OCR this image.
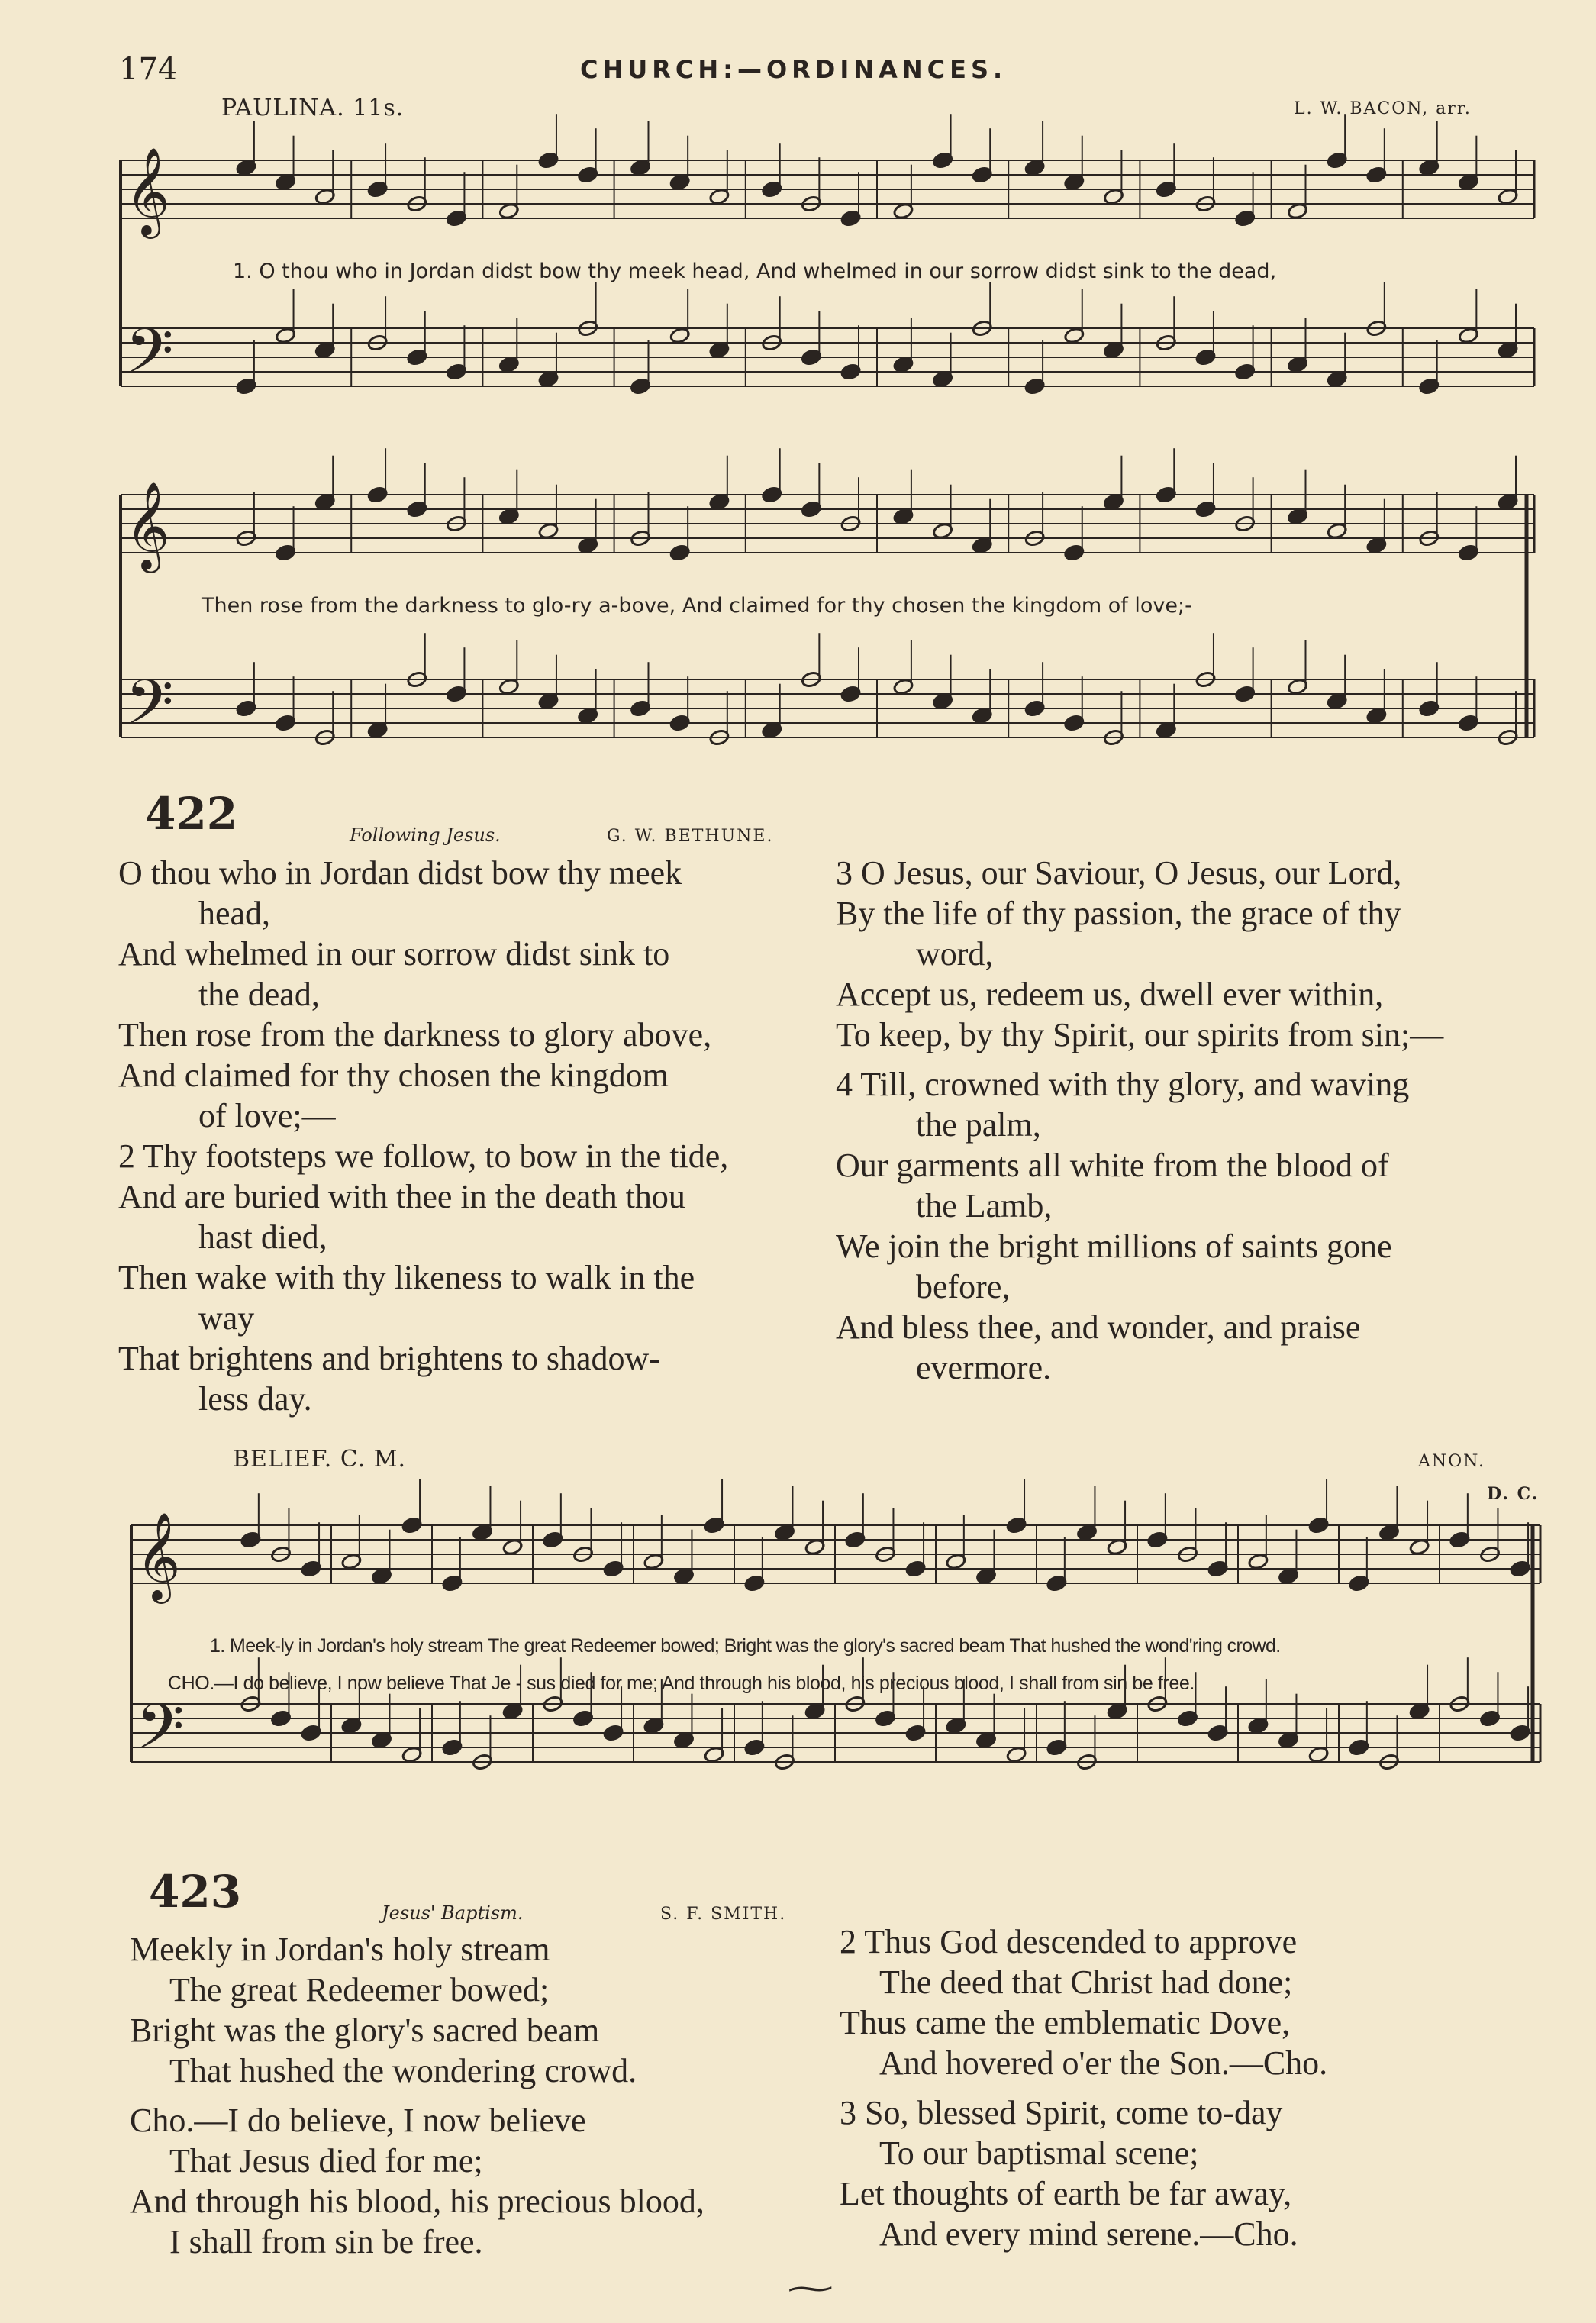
𝄞
𝄢
𝄞
𝄢
𝄞
𝄢
174	CHURCH:—ORDINANCES.
PAULINA. 11s.	L. W. BACON, arr.
1. O thou who in Jordan didst bow thy meek head, And whelmed in our sorrow didst sink to the dead,
Then rose from the darkness to glo-ry a-bove, And claimed for thy chosen the kingdom of love;-
422	Following Jesus.	G. W. BETHUNE.

O thou who in Jordan didst bow thy meek

head,

And whelmed in our sorrow didst sink to

the dead,

Then rose from the darkness to glory above,

And claimed for thy chosen the kingdom

of love;—

2 Thy footsteps we follow, to bow in the tide,

And are buried with thee in the death thou

hast died,

Then wake with thy likeness to walk in the

way

That brightens and brightens to shadow-

less day.

3 O Jesus, our Saviour, O Jesus, our Lord,

By the life of thy passion, the grace of thy

word,

Accept us, redeem us, dwell ever within,

To keep, by thy Spirit, our spirits from sin;—

4 Till, crowned with thy glory, and waving

the palm,

Our garments all white from the blood of

the Lamb,

We join the bright millions of saints gone

before,

And bless thee, and wonder, and praise

evermore.

BELIEF. C. M.	ANON.
D. C.
1. Meek-ly in Jordan's holy stream The great Redeemer bowed; Bright was the glory's sacred beam That hushed the wond'ring crowd.
CHO.—I do believe, I now believe That Je - sus died for me; And through his blood, his precious blood, I shall from sin be free.
423	Jesus' Baptism.	S. F. SMITH.

Meekly in Jordan's holy stream

The great Redeemer bowed;

Bright was the glory's sacred beam

That hushed the wondering crowd.

Cho.—I do believe, I now believe

That Jesus died for me;

And through his blood, his precious blood,

I shall from sin be free.

2 Thus God descended to approve

The deed that Christ had done;

Thus came the emblematic Dove,

And hovered o'er the Son.—Cho.

3 So, blessed Spirit, come to-day

To our baptismal scene;

Let thoughts of earth be far away,

And every mind serene.—Cho.

~
